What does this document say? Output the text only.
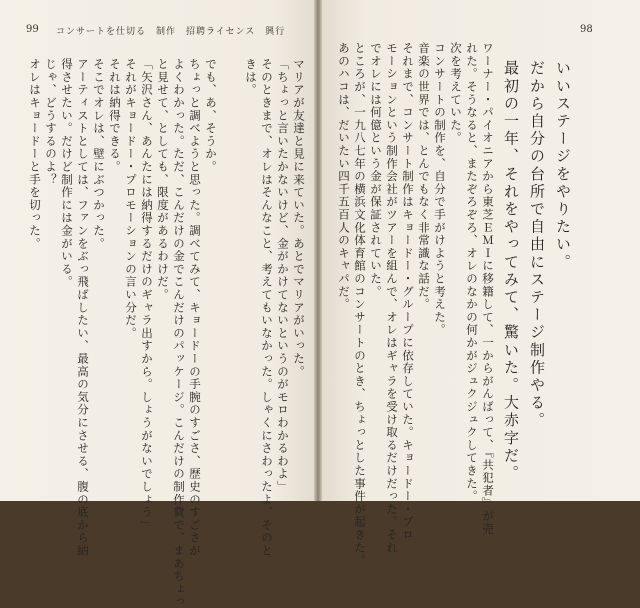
99 コンサートを仕切る　制作　招聘ライセンス　興行	98
でも、あ、そうか。
ちょっと調べようと思った。調べてみて、キョードーの手腕のすごさ、歴史のすごさが
よくわかった。ただ、こんだけの金でこんだけのパッケージ。こんだけの制作費で、まあちょっ
と見せて、としても、限度があるわけだ。
「矢沢さん、あんたには納得するだけのギャラ出すから。しょうがないでしょう」
それがキョードー・プロモーションの言い分だ。
それは納得できる。
そこでオレは、壁にぶつかった。
アーティストとしては、ファンをぶっ飛ばしたい、最高の気分にさせる、腹の底から納
得させたい。だけど制作には金がいる。
じゃ、どうするのよ？
オレはキョードーと手を切った。	マリアが友達と見に来ていた。あとでマリアがいった。
「ちょっと言いたかないけど、金がかけてないというのがモロわかるわよ」
そのときまで、オレはそんなこと、考えてもいなかった。しゃくにさわったよ、そのと
きは。	ワーナー・パイオニアから東芝ＥＭＩに移籍して、一からがんばって、『共犯者』が売
れた。そうなると、またぞろぞろ、オレのなかの何かがジュクジュクしてきた。
次を考えていた。
コンサートの制作を、自分で手がけようと考えた。
音楽の世界では、とんでもなく非常識な話だ。
それまで、コンサート制作はキョードー・グループに依存していた。キョードー・プロ
モーションという制作会社がツアーを組んで、オレはギャラを受け取るだけだった。それ
でオレには何億という金が保証されていた。
ところが、一九八七年の横浜文化体育館のコンサートのとき、ちょっとした事件が起きた。
あのハコは、だいたい四千五百人のキャパだ。	いいステージをやりたい。
だから自分の台所で自由にステージ制作やる。
最初の一年、それをやってみて、驚いた。大赤字だ。
